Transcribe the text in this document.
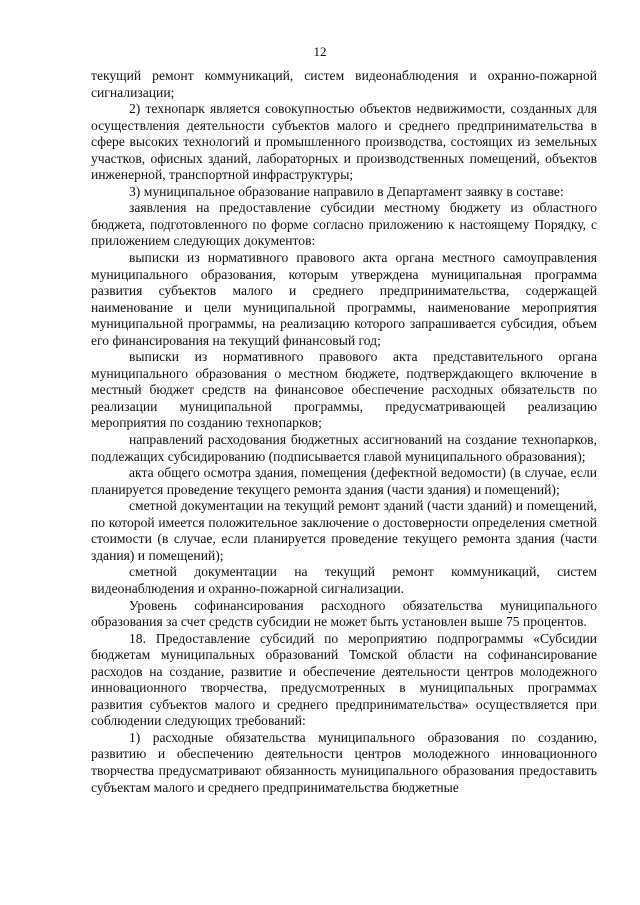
12

текущий ремонт коммуникаций, систем видеонаблюдения и охранно-пожарной сигнализации;

2) технопарк является совокупностью объектов недвижимости, созданных для осуществления деятельности субъектов малого и среднего предпринимательства в сфере высоких технологий и промышленного производства, состоящих из земельных участков, офисных зданий, лабораторных и производственных помещений, объектов инженерной, транспортной инфраструктуры;

3) муниципальное образование направило в Департамент заявку в составе:

заявления на предоставление субсидии местному бюджету из областного бюджета, подготовленного по форме согласно приложению к настоящему Порядку, с приложением следующих документов:

выписки из нормативного правового акта органа местного самоуправления муниципального образования, которым утверждена муниципальная программа развития субъектов малого и среднего предпринимательства, содержащей наименование и цели муниципальной программы, наименование мероприятия муниципальной программы, на реализацию которого запрашивается субсидия, объем его финансирования на текущий финансовый год;

выписки из нормативного правового акта представительного органа муниципального образования о местном бюджете, подтверждающего включение в местный бюджет средств на финансовое обеспечение расходных обязательств по реализации муниципальной программы, предусматривающей реализацию мероприятия по созданию технопарков;

направлений расходования бюджетных ассигнований на создание технопарков, подлежащих субсидированию (подписывается главой муниципального образования);

акта общего осмотра здания, помещения (дефектной ведомости) (в случае, если планируется проведение текущего ремонта здания (части здания) и помещений);

сметной документации на текущий ремонт зданий (части зданий) и помещений, по которой имеется положительное заключение о достоверности определения сметной стоимости (в случае, если планируется проведение текущего ремонта здания (части здания) и помещений);

сметной документации на текущий ремонт коммуникаций, систем видеонаблюдения и охранно-пожарной сигнализации.

Уровень софинансирования расходного обязательства муниципального образования за счет средств субсидии не может быть установлен выше 75 процентов.

18. Предоставление субсидий по мероприятию подпрограммы «Субсидии бюджетам муниципальных образований Томской области на софинансирование расходов на создание, развитие и обеспечение деятельности центров молодежного инновационного творчества, предусмотренных в муниципальных программах развития субъектов малого и среднего предпринимательства» осуществляется при соблюдении следующих требований:

1) расходные обязательства муниципального образования по созданию, развитию и обеспечению деятельности центров молодежного инновационного творчества предусматривают обязанность муниципального образования предоставить субъектам малого и среднего предпринимательства бюджетные
